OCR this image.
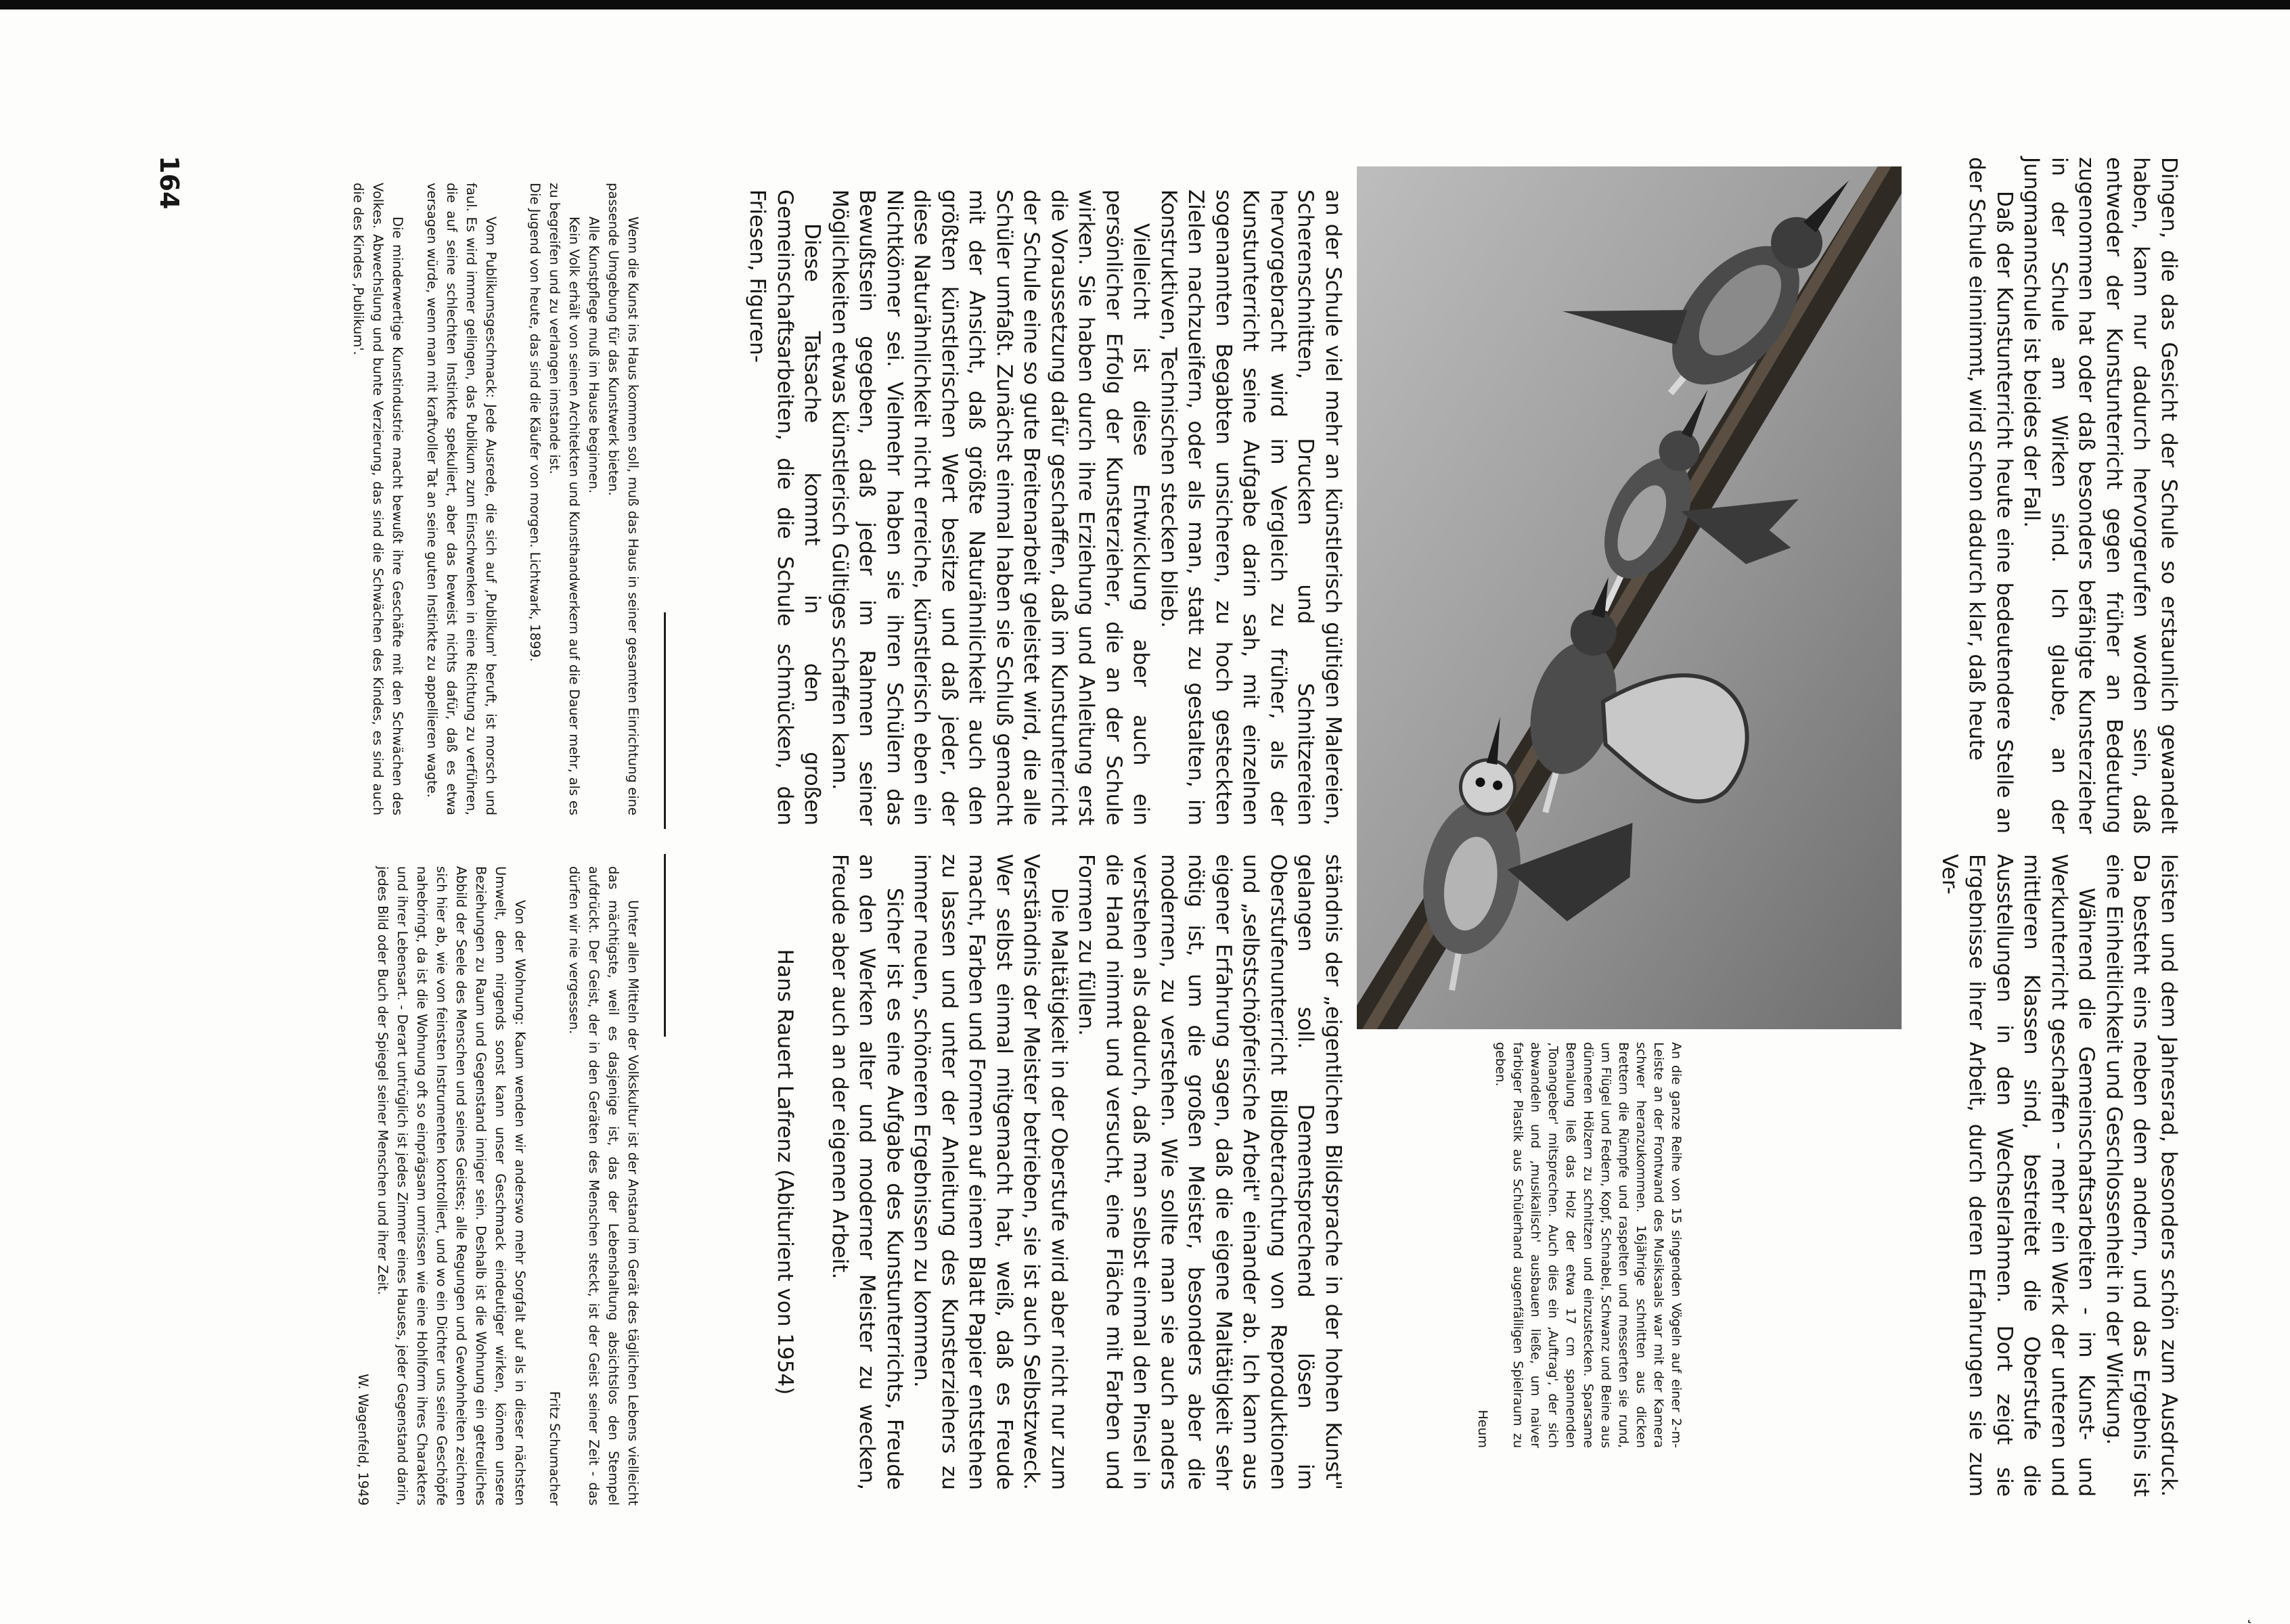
Dingen, die das Gesicht der Schule so erstaunlich gewandelt haben, kann nur dadurch hervorgerufen worden sein, daß entweder der Kunstunterricht gegen früher an Bedeutung zugenommen hat oder daß besonders befähigte Kunsterzieher in der Schule am Wirken sind. Ich glaube, an der Jungmannschule ist beides der Fall.

Daß der Kunstunterricht heute eine bedeutendere Stelle an der Schule einnimmt, wird schon dadurch klar, daß heute

leisten und dem Jahresrad, besonders schön zum Ausdruck. Da besteht eins neben dem andern, und das Ergebnis ist eine Einheitlichkeit und Geschlossenheit in der Wirkung.

Während die Gemeinschaftsarbeiten - im Kunst- und Werkunterricht geschaffen - mehr ein Werk der unteren und mittleren Klassen sind, bestreitet die Oberstufe die Ausstellungen in den Wechselrahmen. Dort zeigt sie Ergebnisse ihrer Arbeit, durch deren Erfahrungen sie zum Ver-

An die ganze Reihe von 15 singenden Vögeln auf einer 2-m-Leiste an der Frontwand des Musiksaals war mit der Kamera schwer heranzukommen. 16jährige schnitten aus dicken Brettern die Rümpfe und raspelten und messerten sie rund, um Flügel und Federn, Kopf, Schnabel, Schwanz und Beine aus dünneren Hölzern zu schnitzen und einzustecken. Sparsame Bemalung ließ das Holz der etwa 17 cm spannenden ‚Tonangeber' mitsprechen. Auch dies ein ‚Auftrag', der sich abwandeln und ‚musikalisch' ausbauen ließe, um naiver farbiger Plastik aus Schülerhand augenfälligen Spielraum zu geben.

Heum

an der Schule viel mehr an künstlerisch gültigen Malereien, Scherenschnitten, Drucken und Schnitzereien hervorgebracht wird im Vergleich zu früher, als der Kunstunterricht seine Aufgabe darin sah, mit einzelnen sogenannten Begabten unsicheren, zu hoch gesteckten Zielen nachzueifern, oder als man, statt zu gestalten, im Konstruktiven, Technischen stecken blieb.

Vielleicht ist diese Entwicklung aber auch ein persönlicher Erfolg der Kunsterzieher, die an der Schule wirken. Sie haben durch ihre Erziehung und Anleitung erst die Voraussetzung dafür geschaffen, daß im Kunstunterricht der Schule eine so gute Breitenarbeit geleistet wird, die alle Schüler umfaßt. Zunächst einmal haben sie Schluß gemacht mit der Ansicht, daß größte Naturähnlichkeit auch den größten künstlerischen Wert besitze und daß jeder, der diese Naturähnlichkeit nicht erreiche, künstlerisch eben ein Nichtkönner sei. Vielmehr haben sie ihren Schülern das Bewußtsein gegeben, daß jeder im Rahmen seiner Möglichkeiten etwas künstlerisch Gültiges schaffen kann.

Diese Tatsache kommt in den großen Gemeinschaftsarbeiten, die die Schule schmücken, den Friesen, Figuren-

ständnis der „eigentlichen Bildsprache in der hohen Kunst" gelangen soll. Dementsprechend lösen im Oberstufenunterricht Bildbetrachtung von Reproduktionen und „selbstschöpferische Arbeit" einander ab. Ich kann aus eigener Erfahrung sagen, daß die eigene Maltätigkeit sehr nötig ist, um die großen Meister, besonders aber die modernen, zu verstehen. Wie sollte man sie auch anders verstehen als dadurch, daß man selbst einmal den Pinsel in die Hand nimmt und versucht, eine Fläche mit Farben und Formen zu füllen.

Die Maltätigkeit in der Oberstufe wird aber nicht nur zum Verständnis der Meister betrieben, sie ist auch Selbstzweck. Wer selbst einmal mitgemacht hat, weiß, daß es Freude macht, Farben und Formen auf einem Blatt Papier entstehen zu lassen und unter der Anleitung des Kunsterziehers zu immer neuen, schöneren Ergebnissen zu kommen.

Sicher ist es eine Aufgabe des Kunstunterrichts, Freude an den Werken alter und moderner Meister zu wecken, Freude aber auch an der eigenen Arbeit.

Hans Rauert Lafrenz (Abiturient von 1954)

Wenn die Kunst ins Haus kommen soll, muß das Haus in seiner gesamten Einrichtung eine passende Umgebung für das Kunstwerk bieten.

Alle Kunstpflege muß im Hause beginnen.

Kein Volk erhält von seinen Architekten und Kunsthandwerkern auf die Dauer mehr, als es zu begreifen und zu verlangen imstande ist.

Die Jugend von heute, das sind die Käufer von morgen. Lichtwark, 1899.

Vom Publikumsgeschmack: Jede Ausrede, die sich auf ‚Publikum' beruft, ist morsch und faul. Es wird immer gelingen, das Publikum zum Einschwenken in eine Richtung zu verführen, die auf seine schlechten Instinkte spekuliert, aber das beweist nichts dafür, daß es etwa versagen würde, wenn man mit kraftvoller Tat an seine guten Instinkte zu appellieren wagte.

Die minderwertige Kunstindustrie macht bewußt ihre Geschäfte mit den Schwächen des Volkes. Abwechslung und bunte Verzierung, das sind die Schwächen des Kindes, es sind auch die des Kindes ‚Publikum'.

Unter allen Mitteln der Volkskultur ist der Anstand im Gerät des täglichen Lebens vielleicht das mächtigste, weil es dasjenige ist, das der Lebenshaltung absichtslos den Stempel aufdrückt. Der Geist, der in den Geräten des Menschen steckt, ist der Geist seiner Zeit - das dürfen wir nie vergessen.

Fritz Schumacher

Von der Wohnung: Kaum wenden wir anderswo mehr Sorgfalt auf als in dieser nächsten Umwelt, denn nirgends sonst kann unser Geschmack eindeutiger wirken, können unsere Beziehungen zu Raum und Gegenstand inniger sein. Deshalb ist die Wohnung ein getreuliches Abbild der Seele des Menschen und seines Geistes; alle Regungen und Gewohnheiten zeichnen sich hier ab, wie von feinsten Instrumenten kontrolliert, und wo ein Dichter uns seine Geschöpfe nahebringt, da ist die Wohnung oft so einprägsam umrissen wie eine Hohlform ihres Charakters und ihrer Lebensart. - Derart untrüglich ist jedes Zimmer eines Hauses, jeder Gegenstand darin, jedes Bild oder Buch der Spiegel seiner Menschen und ihrer Zeit.

W. Wagenfeld, 1949

164
˛
